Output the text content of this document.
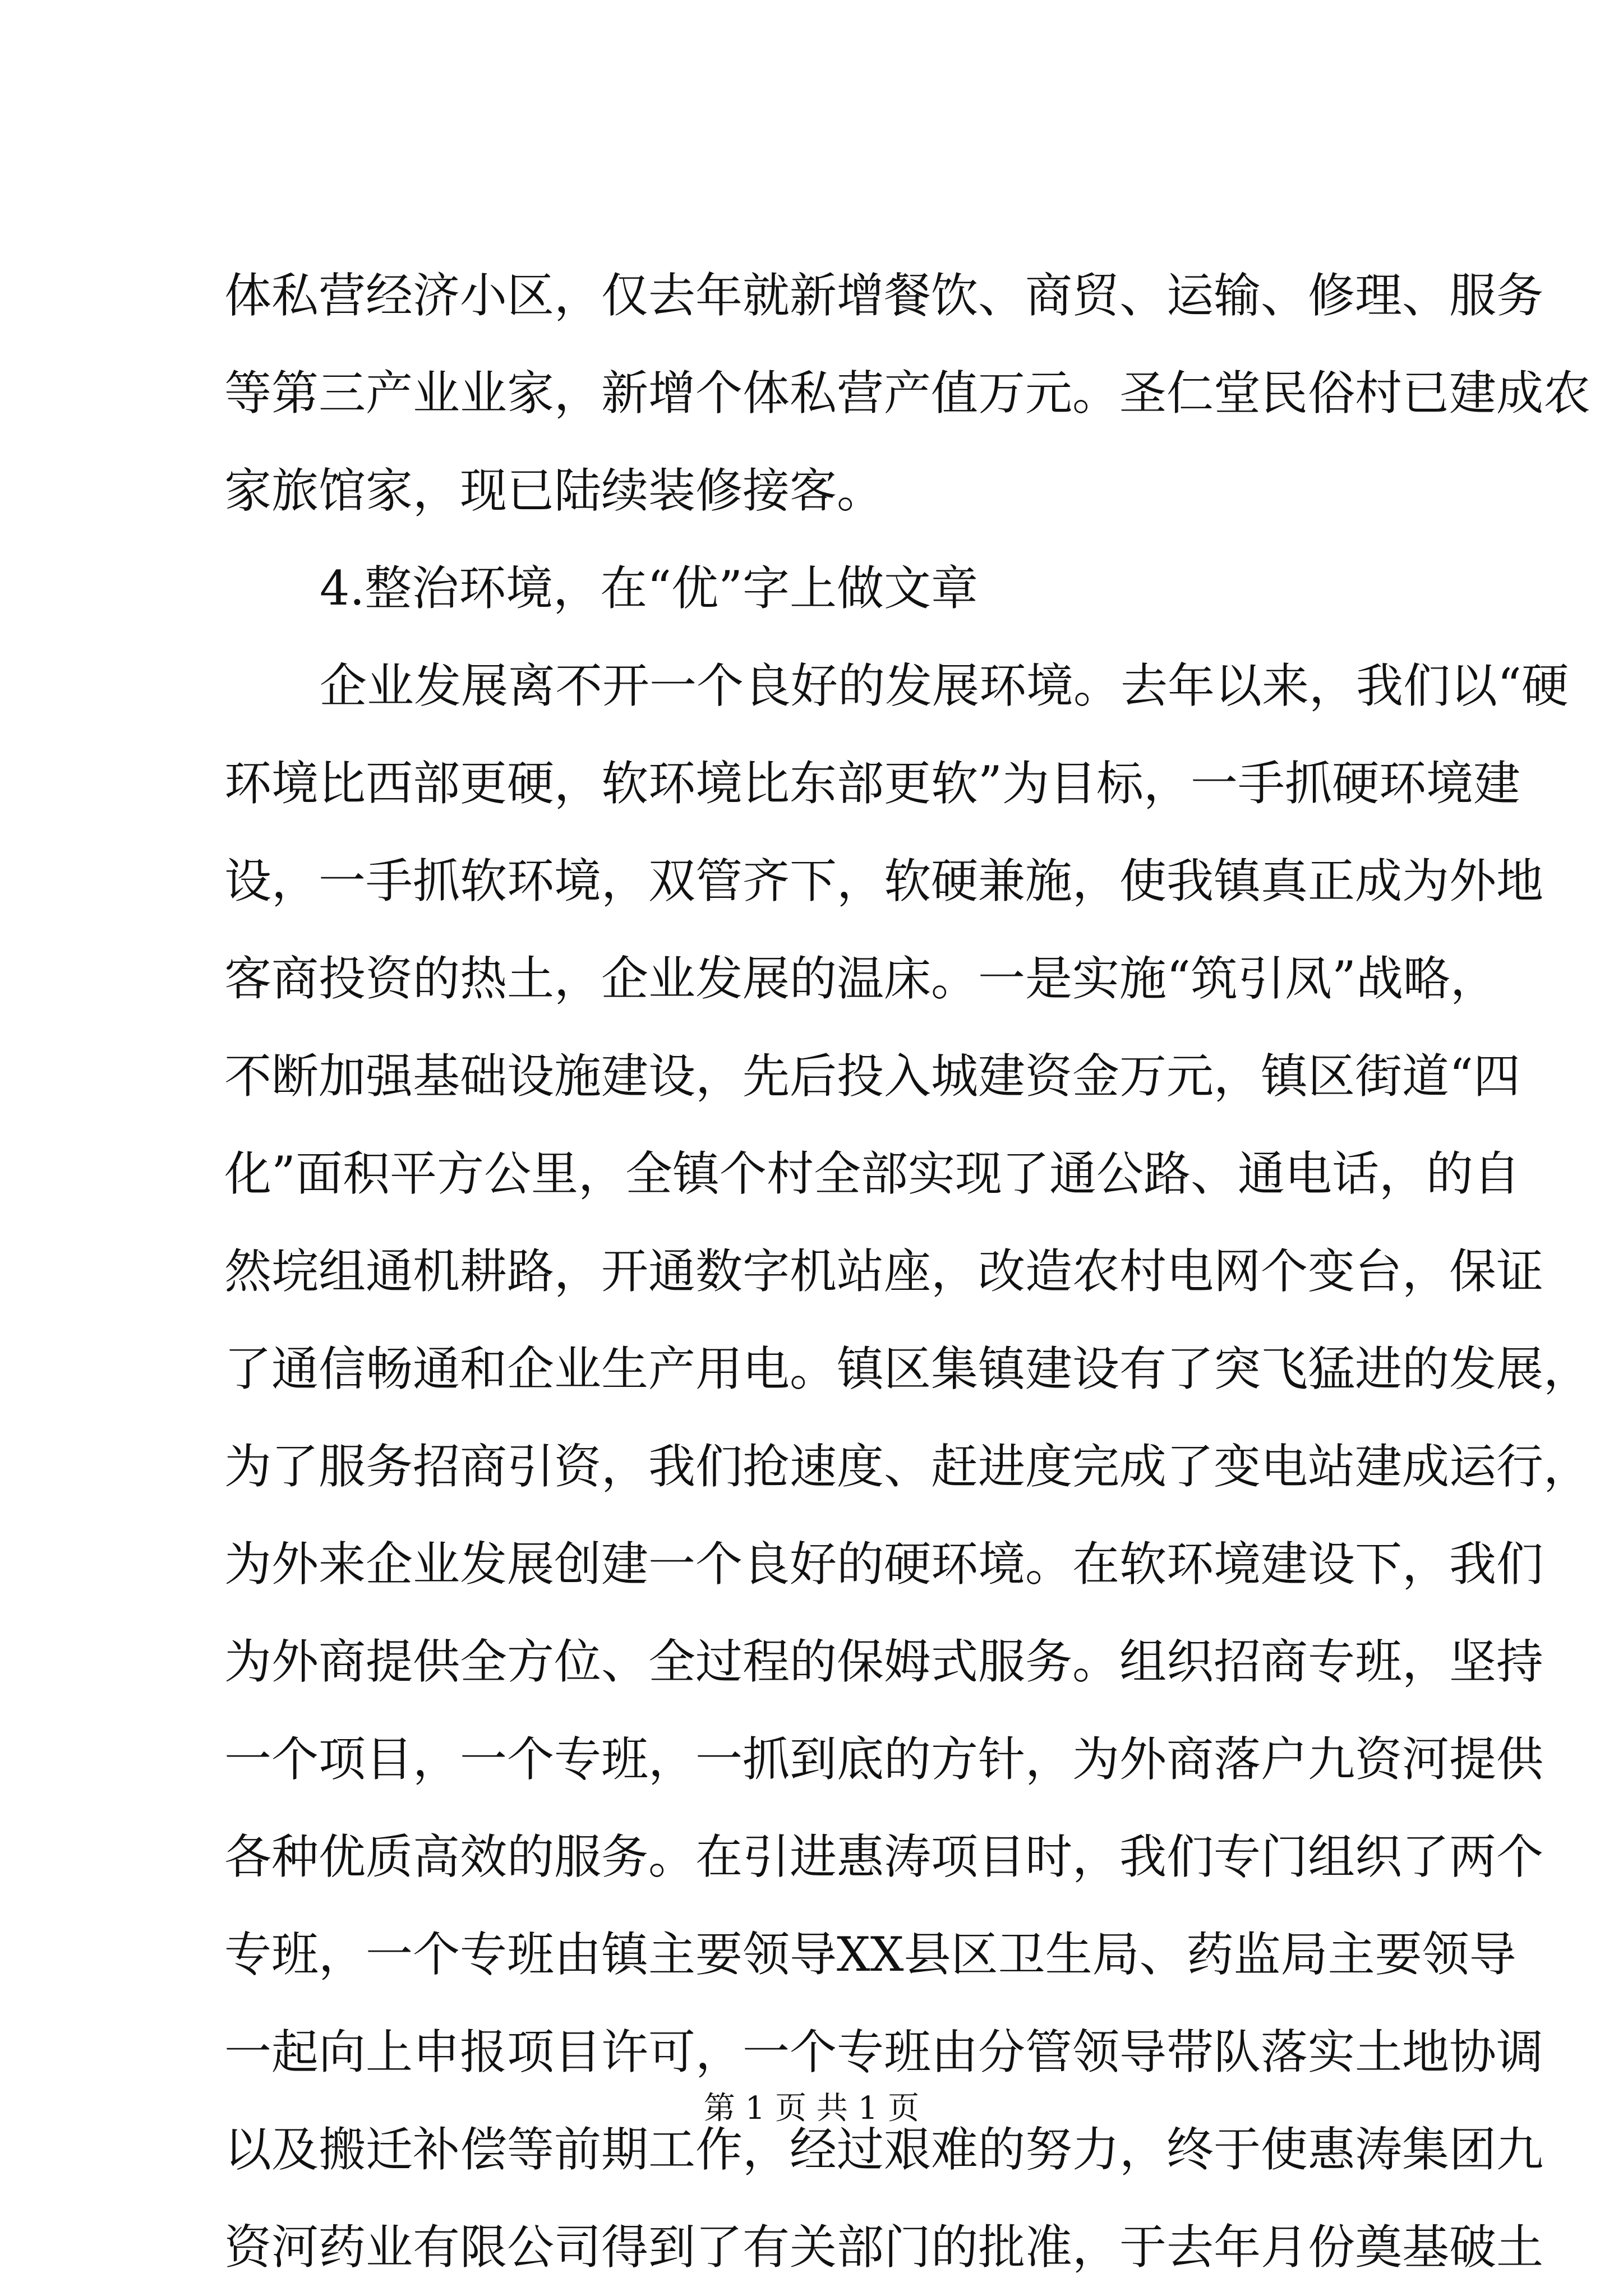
体私营经济小区，仅去年就新增餐饮、商贸、运输、修理、服务
等第三产业业家，新增个体私营产值万元。圣仁堂民俗村已建成农
家旅馆家，现已陆续装修接客。
4.整治环境，在“优”字上做文章
企业发展离不开一个良好的发展环境。去年以来，我们以“硬
环境比西部更硬，软环境比东部更软”为目标，一手抓硬环境建
设，一手抓软环境，双管齐下，软硬兼施，使我镇真正成为外地
客商投资的热土，企业发展的温床。一是实施“筑引凤”战略，
不断加强基础设施建设，先后投入城建资金万元，镇区街道“四
化”面积平方公里，全镇个村全部实现了通公路、通电话，的自
然垸组通机耕路，开通数字机站座，改造农村电网个变台，保证
了通信畅通和企业生产用电。镇区集镇建设有了突飞猛进的发展，
为了服务招商引资，我们抢速度、赶进度完成了变电站建成运行，
为外来企业发展创建一个良好的硬环境。在软环境建设下，我们
为外商提供全方位、全过程的保姆式服务。组织招商专班，坚持
一个项目，一个专班，一抓到底的方针，为外商落户九资河提供
各种优质高效的服务。在引进惠涛项目时，我们专门组织了两个
专班，一个专班由镇主要领导XX县区卫生局、药监局主要领导
一起向上申报项目许可，一个专班由分管领导带队落实土地协调
以及搬迁补偿等前期工作，经过艰难的努力，终于使惠涛集团九
资河药业有限公司得到了有关部门的批准，于去年月份奠基破土
第 1 页 共 1 页
